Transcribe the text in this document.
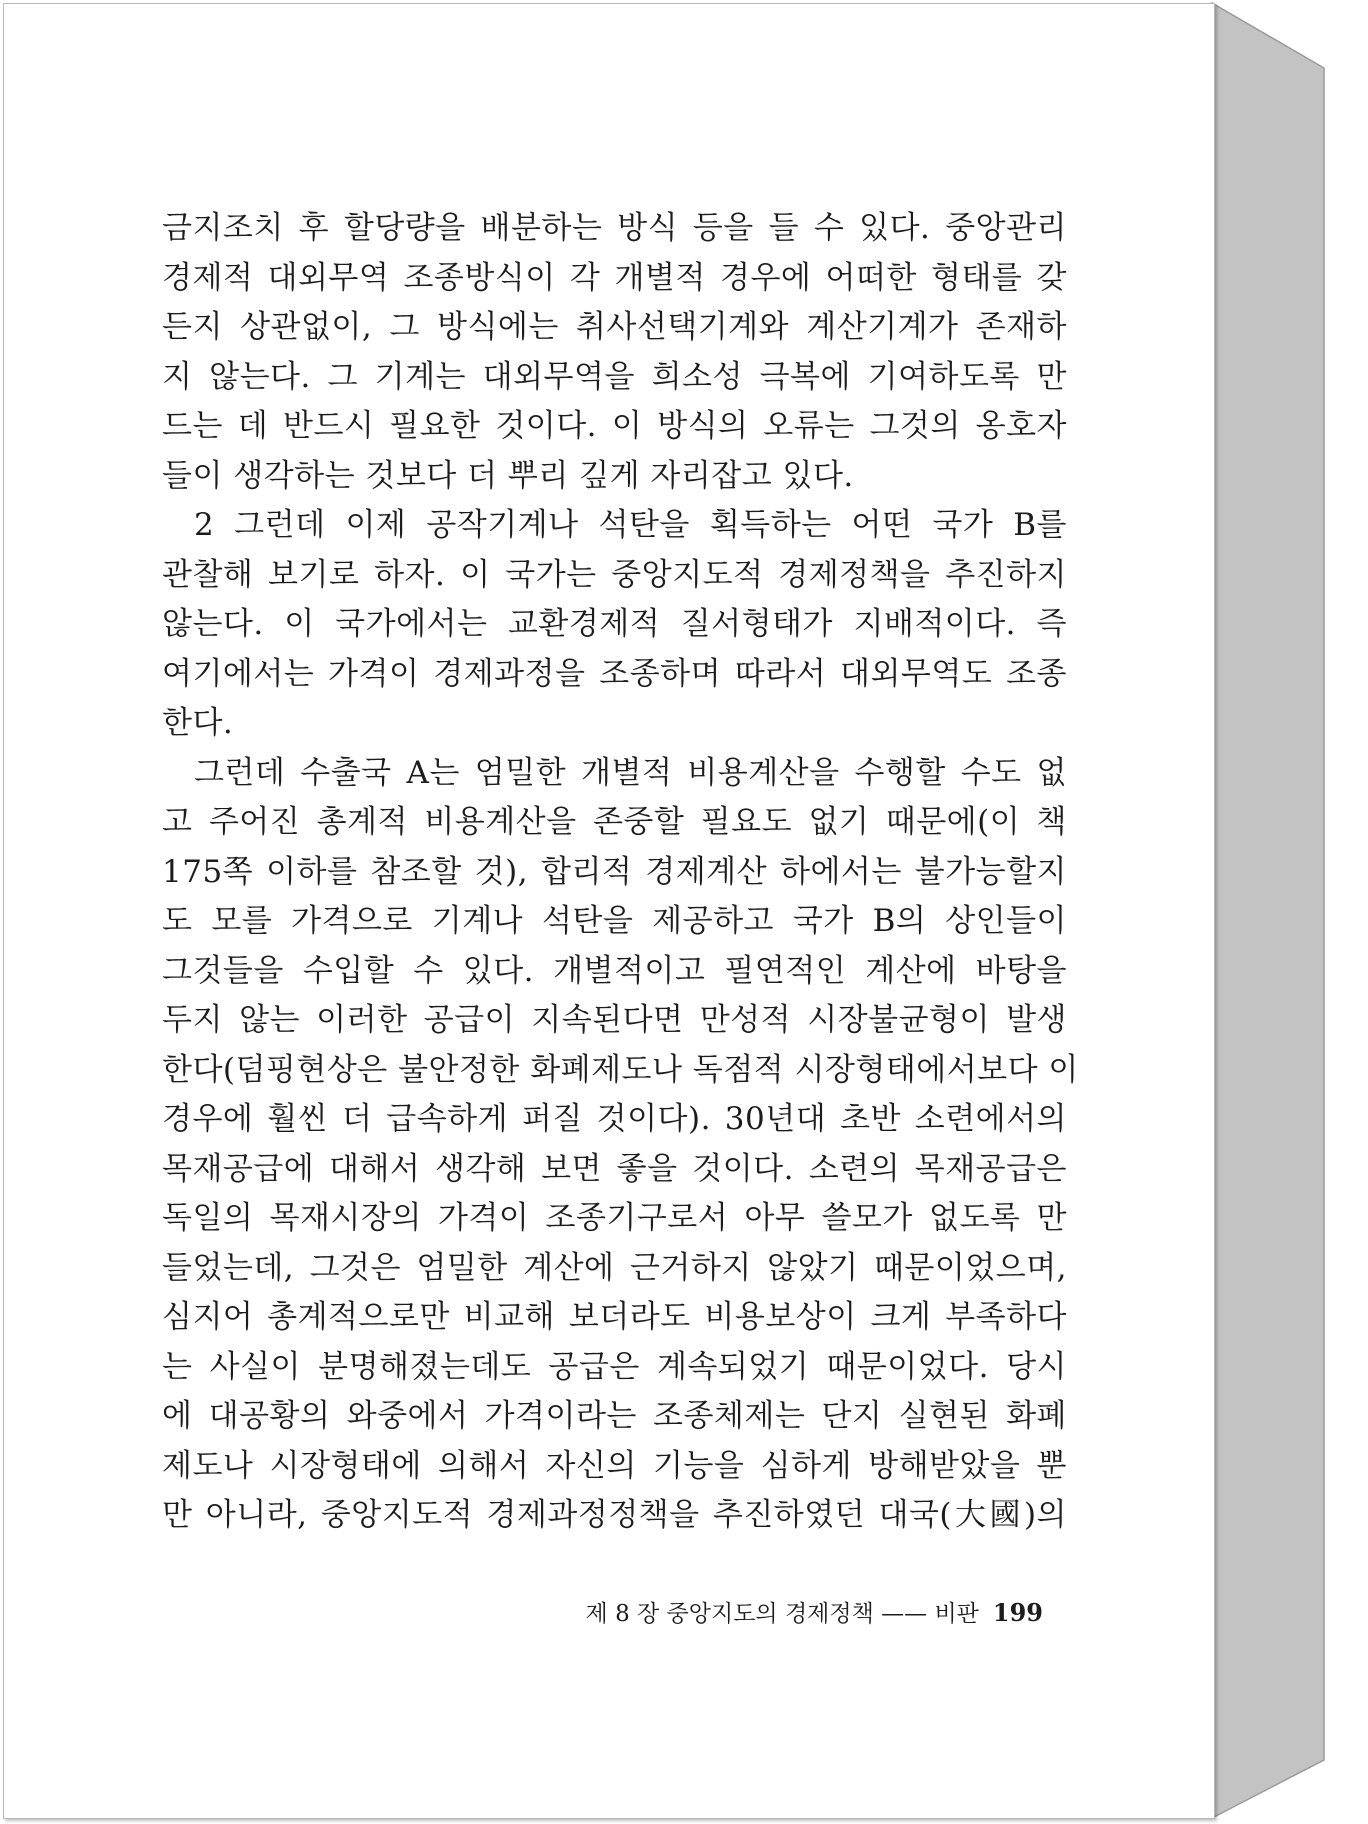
금지조치 후 할당량을 배분하는 방식 등을 들 수 있다. 중앙관리
경제적 대외무역 조종방식이 각 개별적 경우에 어떠한 형태를 갖
든지 상관없이, 그 방식에는 취사선택기계와 계산기계가 존재하
지 않는다. 그 기계는 대외무역을 희소성 극복에 기여하도록 만
드는 데 반드시 필요한 것이다. 이 방식의 오류는 그것의 옹호자
들이 생각하는 것보다 더 뿌리 깊게 자리잡고 있다.
2 그런데 이제 공작기계나 석탄을 획득하는 어떤 국가 B를
관찰해 보기로 하자. 이 국가는 중앙지도적 경제정책을 추진하지
않는다. 이 국가에서는 교환경제적 질서형태가 지배적이다. 즉
여기에서는 가격이 경제과정을 조종하며 따라서 대외무역도 조종
한다.
그런데 수출국 A는 엄밀한 개별적 비용계산을 수행할 수도 없
고 주어진 총계적 비용계산을 존중할 필요도 없기 때문에(이 책
175쪽 이하를 참조할 것), 합리적 경제계산 하에서는 불가능할지
도 모를 가격으로 기계나 석탄을 제공하고 국가 B의 상인들이
그것들을 수입할 수 있다. 개별적이고 필연적인 계산에 바탕을
두지 않는 이러한 공급이 지속된다면 만성적 시장불균형이 발생
한다(덤핑현상은 불안정한 화폐제도나 독점적 시장형태에서보다 이
경우에 훨씬 더 급속하게 퍼질 것이다). 30년대 초반 소련에서의
목재공급에 대해서 생각해 보면 좋을 것이다. 소련의 목재공급은
독일의 목재시장의 가격이 조종기구로서 아무 쓸모가 없도록 만
들었는데, 그것은 엄밀한 계산에 근거하지 않았기 때문이었으며,
심지어 총계적으로만 비교해 보더라도 비용보상이 크게 부족하다
는 사실이 분명해졌는데도 공급은 계속되었기 때문이었다. 당시
에 대공황의 와중에서 가격이라는 조종체제는 단지 실현된 화폐
제도나 시장형태에 의해서 자신의 기능을 심하게 방해받았을 뿐
만 아니라, 중앙지도적 경제과정정책을 추진하였던 대국(大國)의
제 8 장 중앙지도의 경제정책 —— 비판 199
